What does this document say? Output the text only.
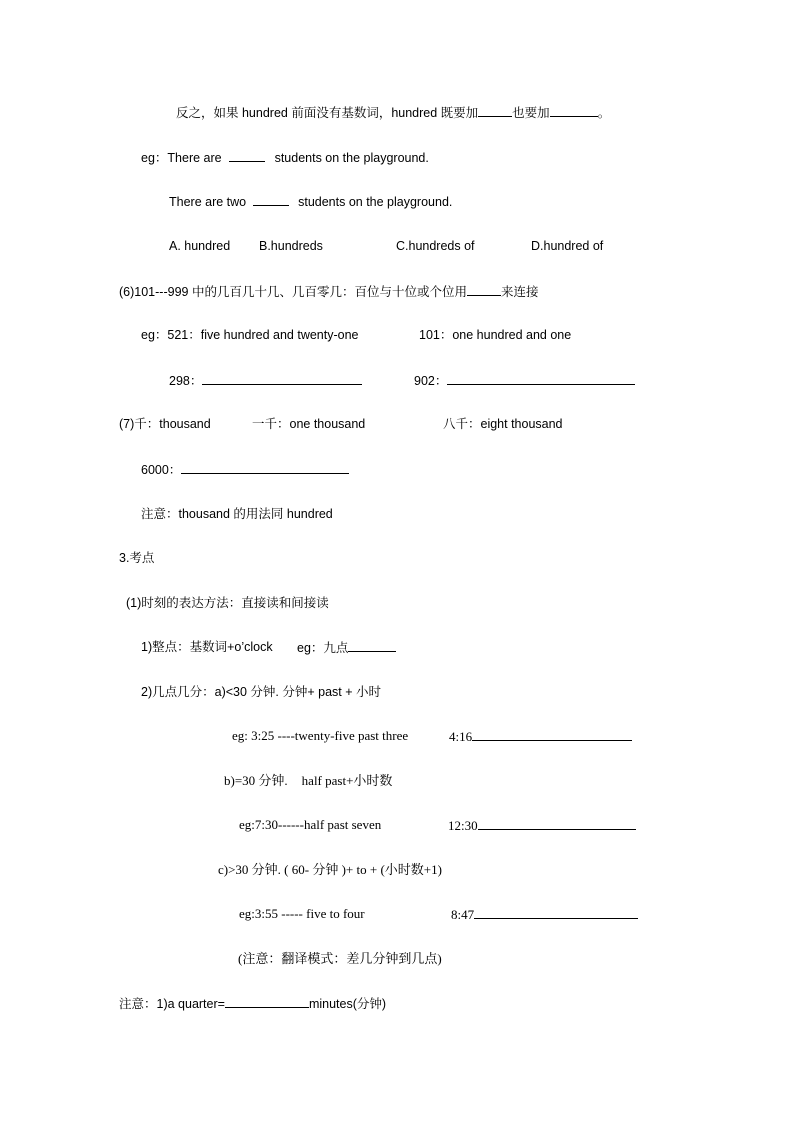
反之，如果 hundred 前面没有基数词，hundred 既要加	也要加	。
eg：There are	students on the playground.
There are two	students on the playground.
A. hundred B.hundreds	C.hundreds of	D.hundred of
(6)101---999 中的几百几十几、几百零几：百位与十位或个位用	来连接
eg：521：five hundred and twenty-one	101：one hundred and one
298：	902：
(7)千：thousand	一千：one thousand	八千：eight thousand
6000：
注意：thousand 的用法同 hundred
3.考点
(1)时刻的表达方法：直接读和间接读
1)整点：基数词+o’clock eg：九点
2)几点几分：a)<30 分钟. 分钟+ past + 小时
eg: 3:25 ----twenty-five past three	4:16
b)=30 分钟. half past+小时数
eg:7:30------half past seven	12:30
c)>30 分钟. ( 60- 分钟 )+ to + (小时数+1)
eg:3:55 ----- five to four	8:47
(注意：翻译模式：差几分钟到几点)
注意：1)a quarter=	minutes(分钟)
